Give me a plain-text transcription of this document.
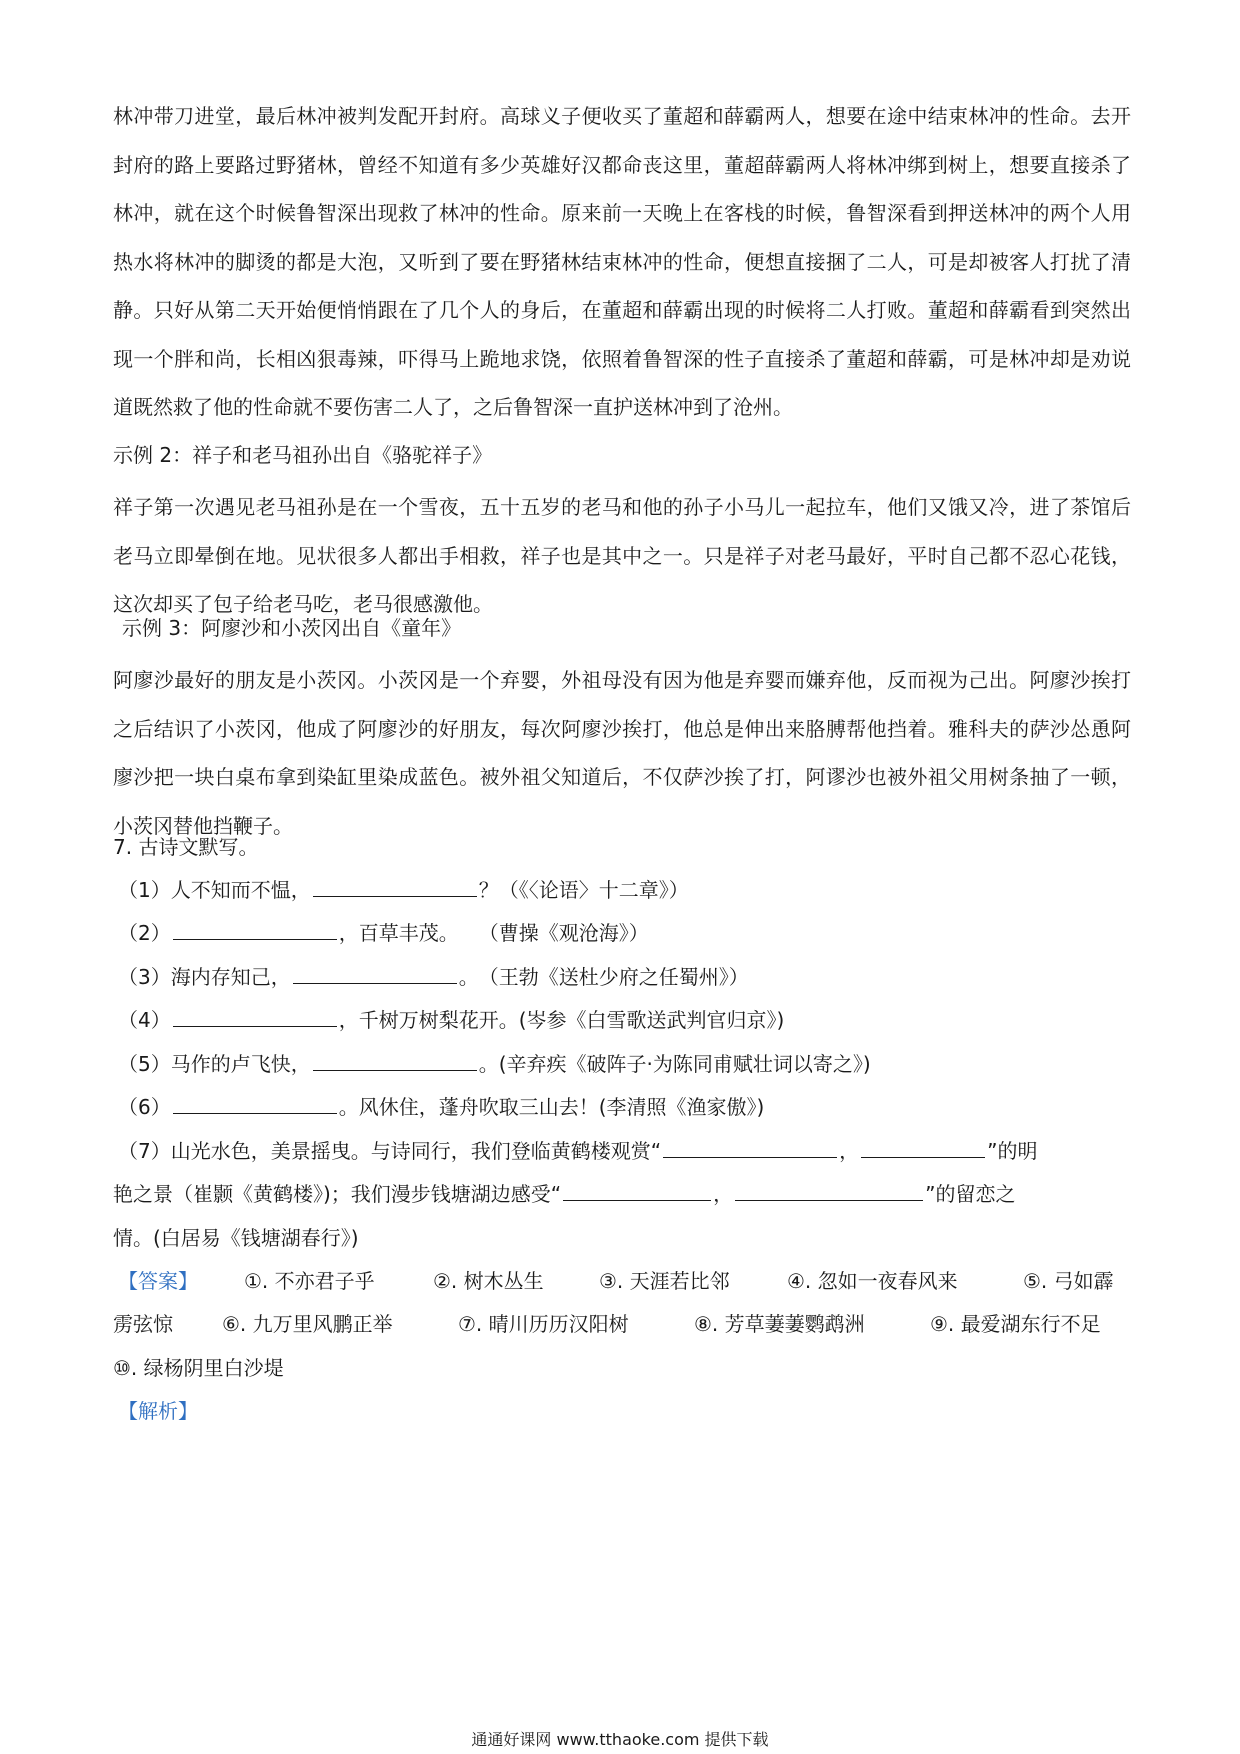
林冲带刀进堂，最后林冲被判发配开封府。高球义子便收买了董超和薛霸两人，想要在途中结束林冲的性命。去开封府的路上要路过野猪林，曾经不知道有多少英雄好汉都命丧这里，董超薛霸两人将林冲绑到树上，想要直接杀了林冲，就在这个时候鲁智深出现救了林冲的性命。原来前一天晚上在客栈的时候，鲁智深看到押送林冲的两个人用热水将林冲的脚烫的都是大泡，又听到了要在野猪林结束林冲的性命，便想直接捆了二人，可是却被客人打扰了清静。只好从第二天开始便悄悄跟在了几个人的身后，在董超和薛霸出现的时候将二人打败。董超和薛霸看到突然出现一个胖和尚，长相凶狠毒辣，吓得马上跪地求饶，依照着鲁智深的性子直接杀了董超和薛霸，可是林冲却是劝说道既然救了他的性命就不要伤害二人了，之后鲁智深一直护送林冲到了沧州。

示例 2：祥子和老马祖孙出自《骆驼祥子》

祥子第一次遇见老马祖孙是在一个雪夜，五十五岁的老马和他的孙子小马儿一起拉车，他们又饿又冷，进了茶馆后老马立即晕倒在地。见状很多人都出手相救，祥子也是其中之一。只是祥子对老马最好，平时自己都不忍心花钱，这次却买了包子给老马吃，老马很感激他。

示例 3：阿廖沙和小茨冈出自《童年》

阿廖沙最好的朋友是小茨冈。小茨冈是一个弃婴，外祖母没有因为他是弃婴而嫌弃他，反而视为己出。阿廖沙挨打之后结识了小茨冈，他成了阿廖沙的好朋友，每次阿廖沙挨打，他总是伸出来胳膊帮他挡着。雅科夫的萨沙怂恿阿廖沙把一块白桌布拿到染缸里染成蓝色。被外祖父知道后，不仅萨沙挨了打，阿谬沙也被外祖父用树条抽了一顿，小茨冈替他挡鞭子。

7. 古诗文默写。

（1）人不知而不愠，	？（《〈论语〉十二章》）
（2）	，百草丰茂。　　（曹操《观沧海》）
（3）海内存知己，	。　（王勃《送杜少府之任蜀州》）
（4）	，千树万树梨花开。(岑参《白雪歌送武判官归京》)
（5）马作的卢飞快，	。(辛弃疾《破阵子·为陈同甫赋壮词以寄之》)
（6）	。风休住，蓬舟吹取三山去！(李清照《渔家傲》)
（7）山光水色，美景摇曳。与诗同行，我们登临黄鹤楼观赏“	，	”的明
艳之景（崔颢《黄鹤楼》)；我们漫步钱塘湖边感受“	，	”的留恋之

情。(白居易《钱塘湖春行》)

【答案】 ①. 不亦君子乎	②. 树木丛生	③. 天涯若比邻	④. 忽如一夜春风来	⑤. 弓如霹
雳弦惊 ⑥. 九万里风鹏正举	⑦. 晴川历历汉阳树	⑧. 芳草萋萋鹦鹉洲	⑨. 最爱湖东行不足
⑩. 绿杨阴里白沙堤
【解析】
通通好课网 www.tthaoke.com 提供下载
